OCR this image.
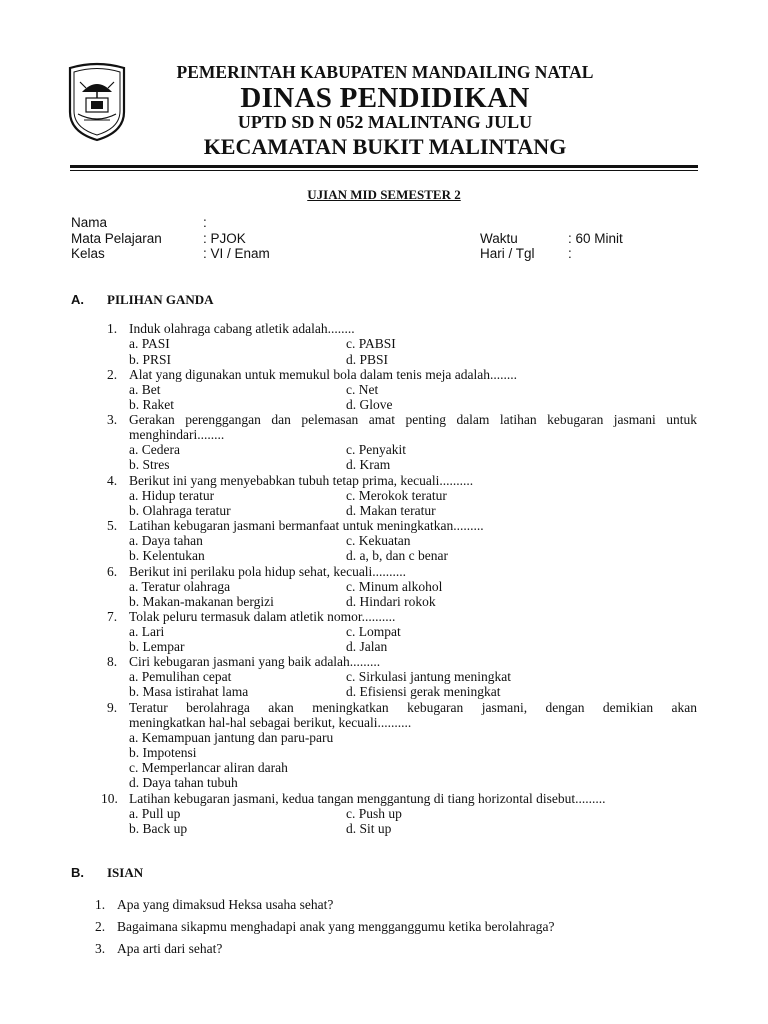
PEMERINTAH KABUPATEN MANDAILING NATAL
DINAS PENDIDIKAN
UPTD SD N 052 MALINTANG JULU
KECAMATAN BUKIT MALINTANG
UJIAN MID SEMESTER 2
Nama	:
Mata Pelajaran	: PJOK
Kelas	: VI / Enam
Waktu	: 60 Minit
Hari / Tgl :
A. PILIHAN GANDA
1. Induk olahraga cabang atletik adalah........
a. PASI	c. PABSI
b. PRSI	d. PBSI
2. Alat yang digunakan untuk memukul bola dalam tenis meja adalah........
a. Bet	c. Net
b. Raket	d. Glove
3. Gerakan perenggangan dan pelemasan amat penting dalam latihan kebugaran jasmani untuk
menghindari........
a. Cedera	c. Penyakit
b. Stres	d. Kram
4. Berikut ini yang menyebabkan tubuh tetap prima, kecuali..........
a. Hidup teratur	c. Merokok teratur
b. Olahraga teratur	d. Makan teratur
5. Latihan kebugaran jasmani bermanfaat untuk meningkatkan.........
a. Daya tahan	c. Kekuatan
b. Kelentukan	d. a, b, dan c benar
6. Berikut ini perilaku pola hidup sehat, kecuali..........
a. Teratur olahraga	c. Minum alkohol
b. Makan-makanan bergizi	d. Hindari rokok
7. Tolak peluru termasuk dalam atletik nomor..........
a. Lari	c. Lompat
b. Lempar	d. Jalan
8. Ciri kebugaran jasmani yang baik adalah.........
a. Pemulihan cepat	c. Sirkulasi jantung meningkat
b. Masa istirahat lama	d. Efisiensi gerak meningkat
9. Teratur berolahraga akan meningkatkan kebugaran jasmani, dengan demikian akan
meningkatkan hal-hal sebagai berikut, kecuali..........
a. Kemampuan jantung dan paru-paru
b. Impotensi
c. Memperlancar aliran darah
d. Daya tahan tubuh
10. Latihan kebugaran jasmani, kedua tangan menggantung di tiang horizontal disebut.........
a. Pull up	c. Push up
b. Back up	d. Sit up
B. ISIAN
1. Apa yang dimaksud Heksa usaha sehat?
2. Bagaimana sikapmu menghadapi anak yang mengganggumu ketika berolahraga?
3. Apa arti dari sehat?
